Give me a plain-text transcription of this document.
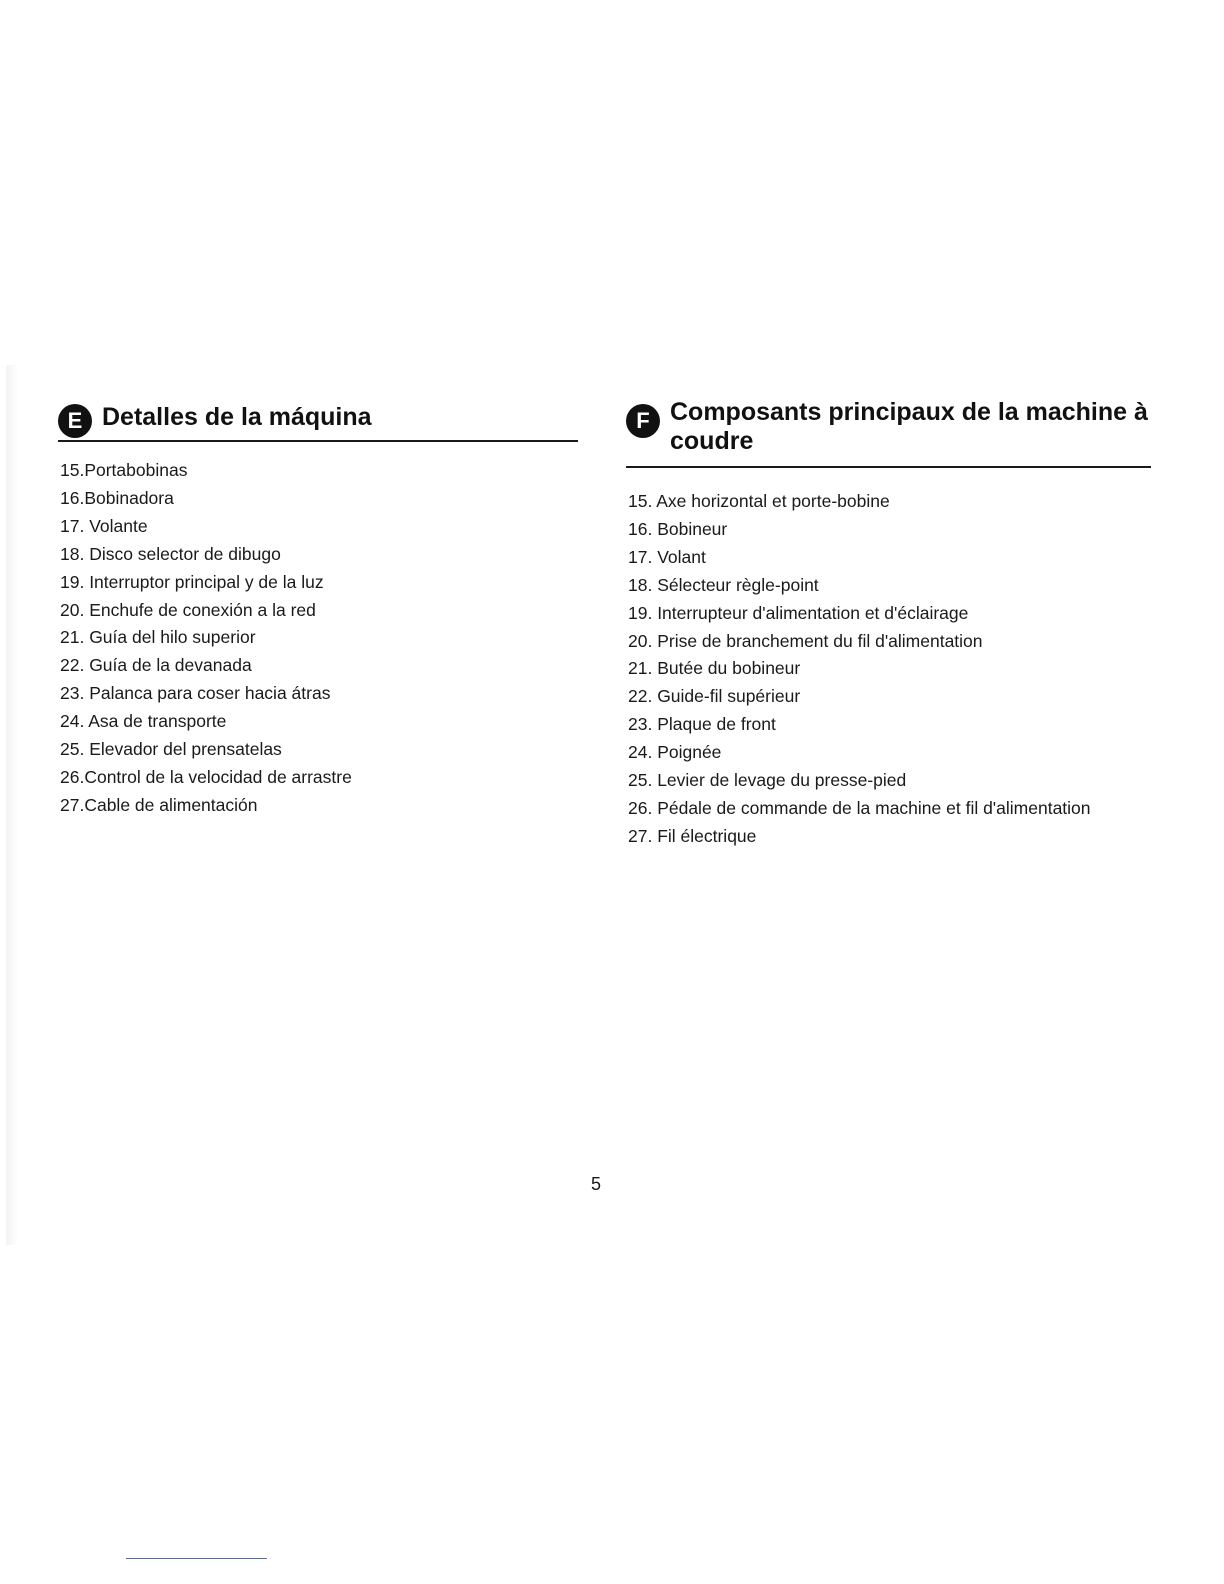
E Detalles de la máquina
15.Portabobinas
16.Bobinadora
17. Volante
18. Disco selector de dibugo
19. Interruptor principal y de la luz
20. Enchufe de conexión a la red
21. Guía del hilo superior
22. Guía de la devanada
23. Palanca para coser hacia átras
24. Asa de transporte
25. Elevador del prensatelas
26.Control de la velocidad de arrastre
27.Cable de alimentación
F Composants principaux de la machine à
coudre
15. Axe horizontal et porte-bobine
16. Bobineur
17. Volant
18. Sélecteur règle-point
19. Interrupteur d'alimentation et d'éclairage
20. Prise de branchement du fil d'alimentation
21. Butée du bobineur
22. Guide-fil supérieur
23. Plaque de front
24. Poignée
25. Levier de levage du presse-pied
26. Pédale de commande de la machine et fil d'alimentation
27. Fil électrique
5
